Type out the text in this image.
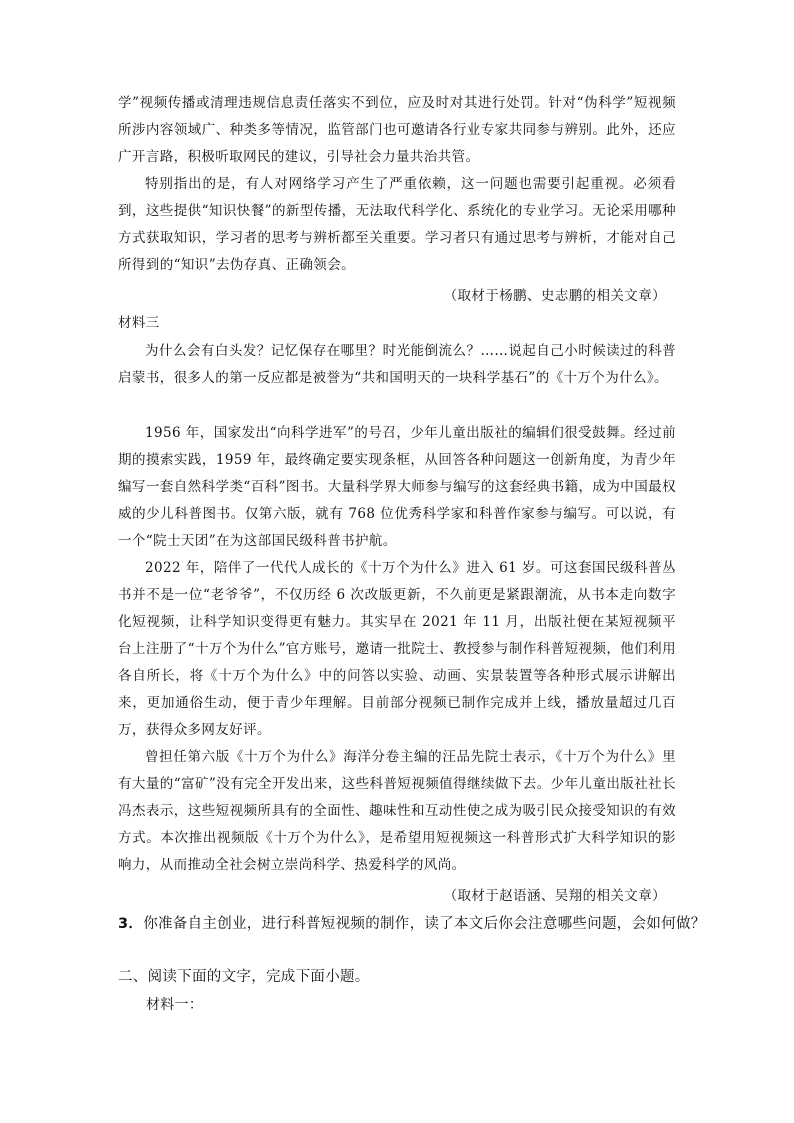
学”视频传播或清理违规信息责任落实不到位，应及时对其进行处罚。针对“伪科学”短视频所涉内容领域广、种类多等情况，监管部门也可邀请各行业专家共同参与辨别。此外，还应广开言路，积极听取网民的建议，引导社会力量共治共管。
特别指出的是，有人对网络学习产生了严重依赖，这一问题也需要引起重视。必须看到，这些提供“知识快餐”的新型传播，无法取代科学化、系统化的专业学习。无论采用哪种方式获取知识，学习者的思考与辨析都至关重要。学习者只有通过思考与辨析，才能对自己所得到的“知识”去伪存真、正确领会。
（取材于杨鹏、史志鹏的相关文章）
材料三
为什么会有白头发？记忆保存在哪里？时光能倒流么？……说起自己小时候读过的科普启蒙书，很多人的第一反应都是被誉为“共和国明天的一块科学基石”的《十万个为什么》。
1956 年，国家发出“向科学进军”的号召，少年儿童出版社的编辑们很受鼓舞。经过前期的摸索实践，1959 年，最终确定要实现条框，从回答各种问题这一创新角度，为青少年编写一套自然科学类“百科”图书。大量科学界大师参与编写的这套经典书籍，成为中国最权威的少儿科普图书。仅第六版，就有 768 位优秀科学家和科普作家参与编写。可以说，有一个“院士天团”在为这部国民级科普书护航。
2022 年，陪伴了一代代人成长的《十万个为什么》进入 61 岁。可这套国民级科普丛书并不是一位“老爷爷”，不仅历经 6 次改版更新，不久前更是紧跟潮流，从书本走向数字化短视频，让科学知识变得更有魅力。其实早在 2021 年 11 月，出版社便在某短视频平台上注册了“十万个为什么”官方账号，邀请一批院士、教授参与制作科普短视频，他们利用各自所长，将《十万个为什么》中的问答以实验、动画、实景装置等各种形式展示讲解出来，更加通俗生动，便于青少年理解。目前部分视频已制作完成并上线，播放量超过几百万，获得众多网友好评。
曾担任第六版《十万个为什么》海洋分卷主编的汪品先院士表示，《十万个为什么》里有大量的“富矿”没有完全开发出来，这些科普短视频值得继续做下去。少年儿童出版社社长冯杰表示，这些短视频所具有的全面性、趣味性和互动性使之成为吸引民众接受知识的有效方式。本次推出视频版《十万个为什么》，是希望用短视频这一科普形式扩大科学知识的影响力，从而推动全社会树立崇尚科学、热爱科学的风尚。
（取材于赵语涵、吴翔的相关文章）
3．你准备自主创业，进行科普短视频的制作，读了本文后你会注意哪些问题，会如何做？
二、阅读下面的文字，完成下面小题。
材料一：
